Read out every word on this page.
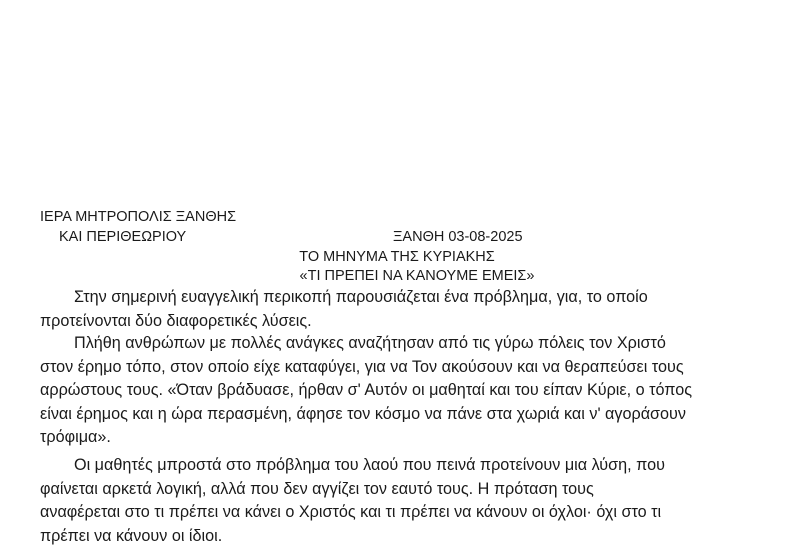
ΙΕΡΑ ΜΗΤΡΟΠΟΛΙΣ ΞΑΝΘΗΣ
ΚΑΙ ΠΕΡΙΘΕΩΡΙΟΥ	ΞΑΝΘΗ 03-08-2025
ΤΟ ΜΗΝΥΜΑ ΤΗΣ ΚΥΡΙΑΚΗΣ
«ΤΙ ΠΡΕΠΕΙ ΝΑ ΚΑΝΟΥΜΕ ΕΜΕΙΣ»
Στην σημερινή ευαγγελική περικοπή παρουσιάζεται ένα πρόβλημα, για, το οποίο
προτείνονται δύο διαφορετικές λύσεις.
Πλήθη ανθρώπων με πολλές ανάγκες αναζήτησαν από τις γύρω πόλεις τον Χριστό
στον έρημο τόπο, στον οποίο είχε καταφύγει, για να Τον ακούσουν και να θεραπεύσει τους
αρρώστους τους. «Όταν βράδυασε, ήρθαν σ' Αυτόν οι μαθηταί και του είπαν Κύριε, ο τόπος
είναι έρημος και η ώρα περασμένη, άφησε τον κόσμο να πάνε στα χωριά και ν' αγοράσουν
τρόφιμα».
Οι μαθητές μπροστά στο πρόβλημα του λαού που πεινά προτείνουν μια λύση, που
φαίνεται αρκετά λογική, αλλά που δεν αγγίζει τον εαυτό τους. Η πρόταση τους
αναφέρεται στο τι πρέπει να κάνει ο Χριστός και τι πρέπει να κάνουν οι όχλοι· όχι στο τι
πρέπει να κάνουν οι ίδιοι.
